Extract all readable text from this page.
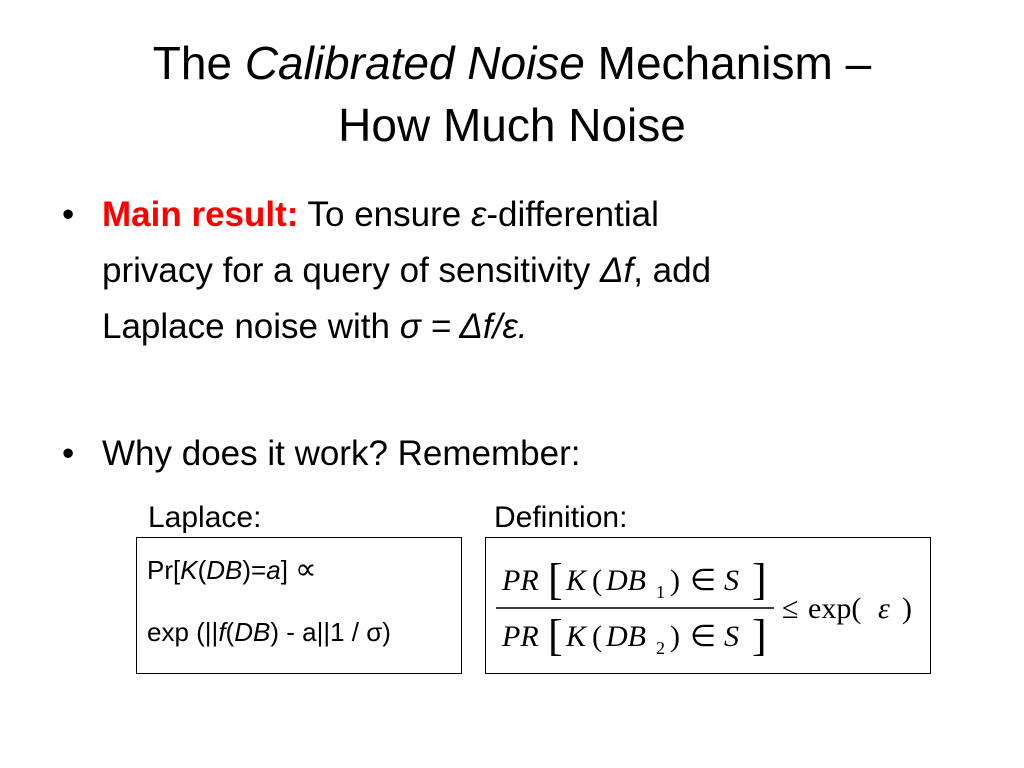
The Calibrated Noise Mechanism –
How Much Noise
• Main result: To ensure ε-differential
privacy for a query of sensitivity Δf, add
Laplace noise with σ = Δf/ε.
• Why does it work? Remember:
Laplace:	Definition:
Pr[K(DB)=a] ∝
exp (||f(DB) - a||1 / σ)
PR [ K ( DB 1 ) ∈ S ]
PR [ K ( DB 2 ) ∈ S ]
≤ exp( ε )
